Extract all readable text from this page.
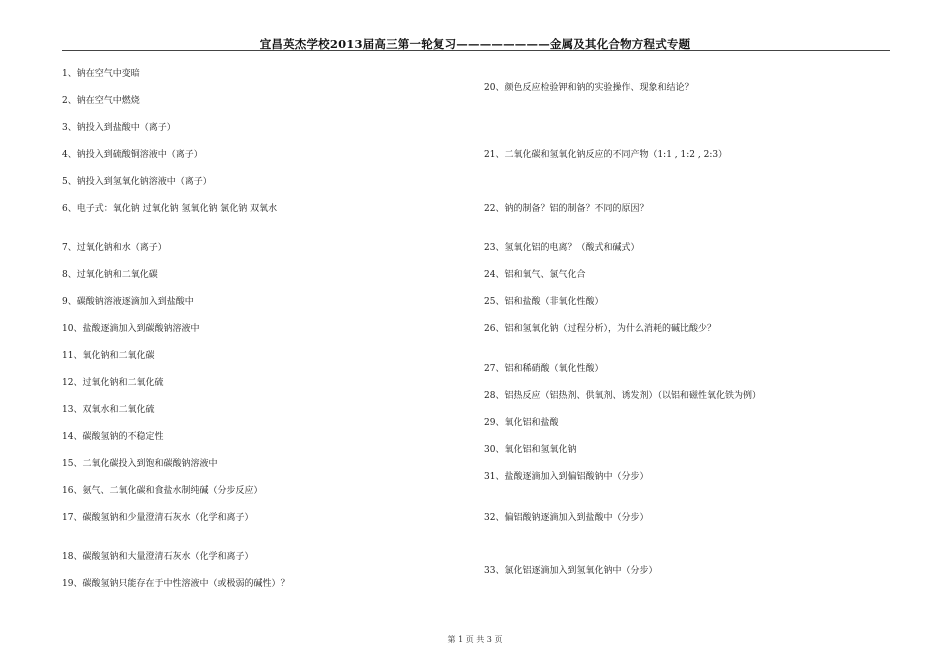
宜昌英杰学校2013届高三第一轮复习————————金属及其化合物方程式专题
1、钠在空气中变暗
2、钠在空气中燃烧
3、钠投入到盐酸中（离子）
4、钠投入到硫酸铜溶液中（离子）
5、钠投入到氢氧化钠溶液中（离子）
6、电子式：氧化钠 过氧化钠 氢氧化钠 氯化钠 双氧水
7、过氧化钠和水（离子）
8、过氧化钠和二氧化碳
9、碳酸钠溶液逐滴加入到盐酸中
10、盐酸逐滴加入到碳酸钠溶液中
11、氧化钠和二氧化碳
12、过氧化钠和二氧化硫
13、双氧水和二氧化硫
14、碳酸氢钠的不稳定性
15、二氧化碳投入到饱和碳酸钠溶液中
16、氨气、二氧化碳和食盐水制纯碱（分步反应）
17、碳酸氢钠和少量澄清石灰水（化学和离子）
18、碳酸氢钠和大量澄清石灰水（化学和离子）
19、碳酸氢钠只能存在于中性溶液中（或极弱的碱性）？
20、颜色反应检验钾和钠的实验操作、现象和结论？
21、二氧化碳和氢氧化钠反应的不同产物（1:1 , 1:2 , 2:3）
22、钠的制备？铝的制备？不同的原因？
23、氢氧化铝的电离？（酸式和碱式）
24、铝和氧气、氯气化合
25、铝和盐酸（非氧化性酸）
26、铝和氢氧化钠（过程分析），为什么消耗的碱比酸少？
27、铝和稀硝酸（氧化性酸）
28、铝热反应（铝热剂、供氧剂、诱发剂）（以铝和磁性氧化铁为例）
29、氧化铝和盐酸
30、氧化铝和氢氧化钠
31、盐酸逐滴加入到偏铝酸钠中（分步）
32、偏铝酸钠逐滴加入到盐酸中（分步）
33、氯化铝逐滴加入到氢氧化钠中（分步）
第 1 页 共 3 页
